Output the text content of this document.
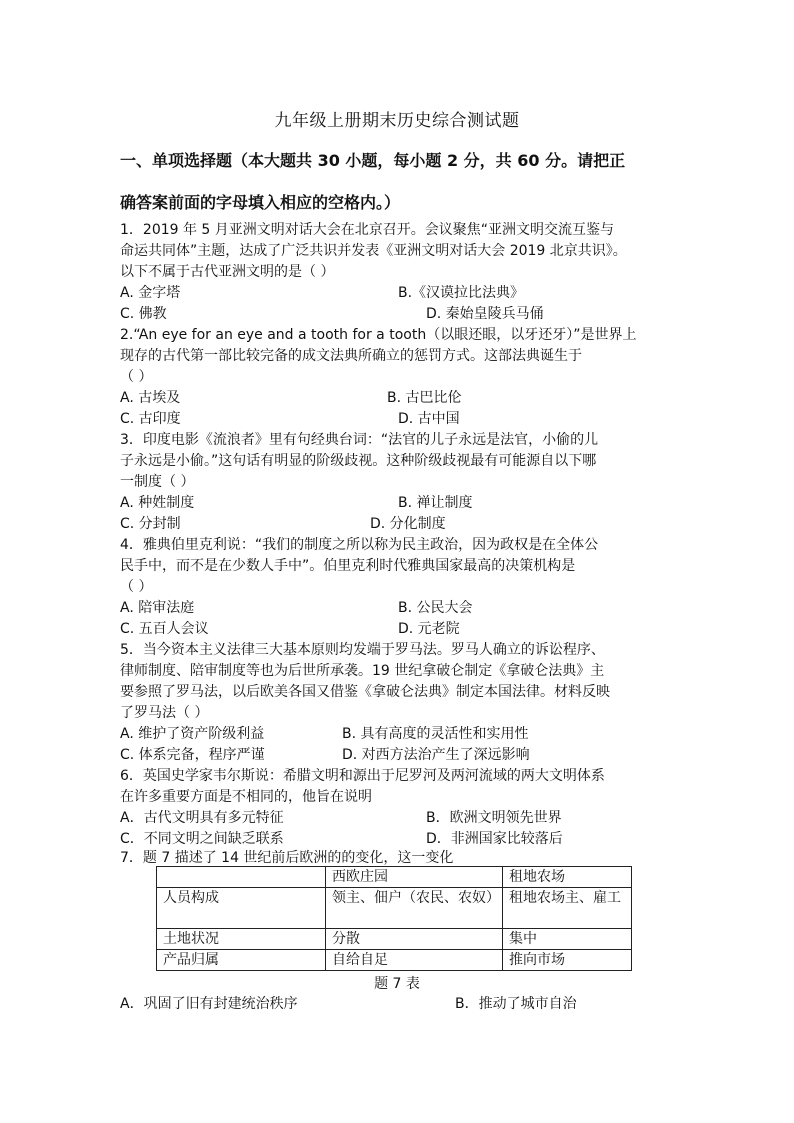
九年级上册期末历史综合测试题
一、单项选择题（本大题共 30 小题，每小题 2 分，共 60 分。请把正
确答案前面的字母填入相应的空格内。）
1．2019 年 5 月亚洲文明对话大会在北京召开。会议聚焦“亚洲文明交流互鉴与
命运共同体”主题，达成了广泛共识并发表《亚洲文明对话大会 2019 北京共识》。
以下不属于古代亚洲文明的是（ ）
A. 金字塔	B.《汉谟拉比法典》
C. 佛教	D. 秦始皇陵兵马俑
2.“An eye for an eye and a tooth for a tooth（以眼还眼，以牙还牙）”是世界上
现存的古代第一部比较完备的成文法典所确立的惩罚方式。这部法典诞生于
（ ）
A. 古埃及	B. 古巴比伦
C. 古印度	D. 古中国
3．印度电影《流浪者》里有句经典台词：“法官的儿子永远是法官，小偷的儿
子永远是小偷。”这句话有明显的阶级歧视。这种阶级歧视最有可能源自以下哪
一制度（ ）
A. 种姓制度	B. 禅让制度
C. 分封制	D. 分化制度
4．雅典伯里克利说：“我们的制度之所以称为民主政治，因为政权是在全体公
民手中，而不是在少数人手中”。伯里克利时代雅典国家最高的决策机构是
（ ）
A. 陪审法庭	B. 公民大会
C. 五百人会议	D. 元老院
5．当今资本主义法律三大基本原则均发端于罗马法。罗马人确立的诉讼程序、
律师制度、陪审制度等也为后世所承袭。19 世纪拿破仑制定《拿破仑法典》主
要参照了罗马法，以后欧美各国又借鉴《拿破仑法典》制定本国法律。材料反映
了罗马法（ ）
A. 维护了资产阶级利益	B. 具有高度的灵活性和实用性
C. 体系完备，程序严谨	D. 对西方法治产生了深远影响
6．英国史学家韦尔斯说：希腊文明和源出于尼罗河及两河流域的两大文明体系
在许多重要方面是不相同的，他旨在说明
A．古代文明具有多元特征	B．欧洲文明领先世界
C．不同文明之间缺乏联系	D．非洲国家比较落后
7．题 7 描述了 14 世纪前后欧洲的的变化，这一变化
	西欧庄园	租地农场
人员构成	领主、佃户（农民、农奴）	租地农场主、雇工
土地状况	分散	集中
产品归属	自给自足	推向市场
题 7 表
A．巩固了旧有封建统治秩序	B．推动了城市自治
